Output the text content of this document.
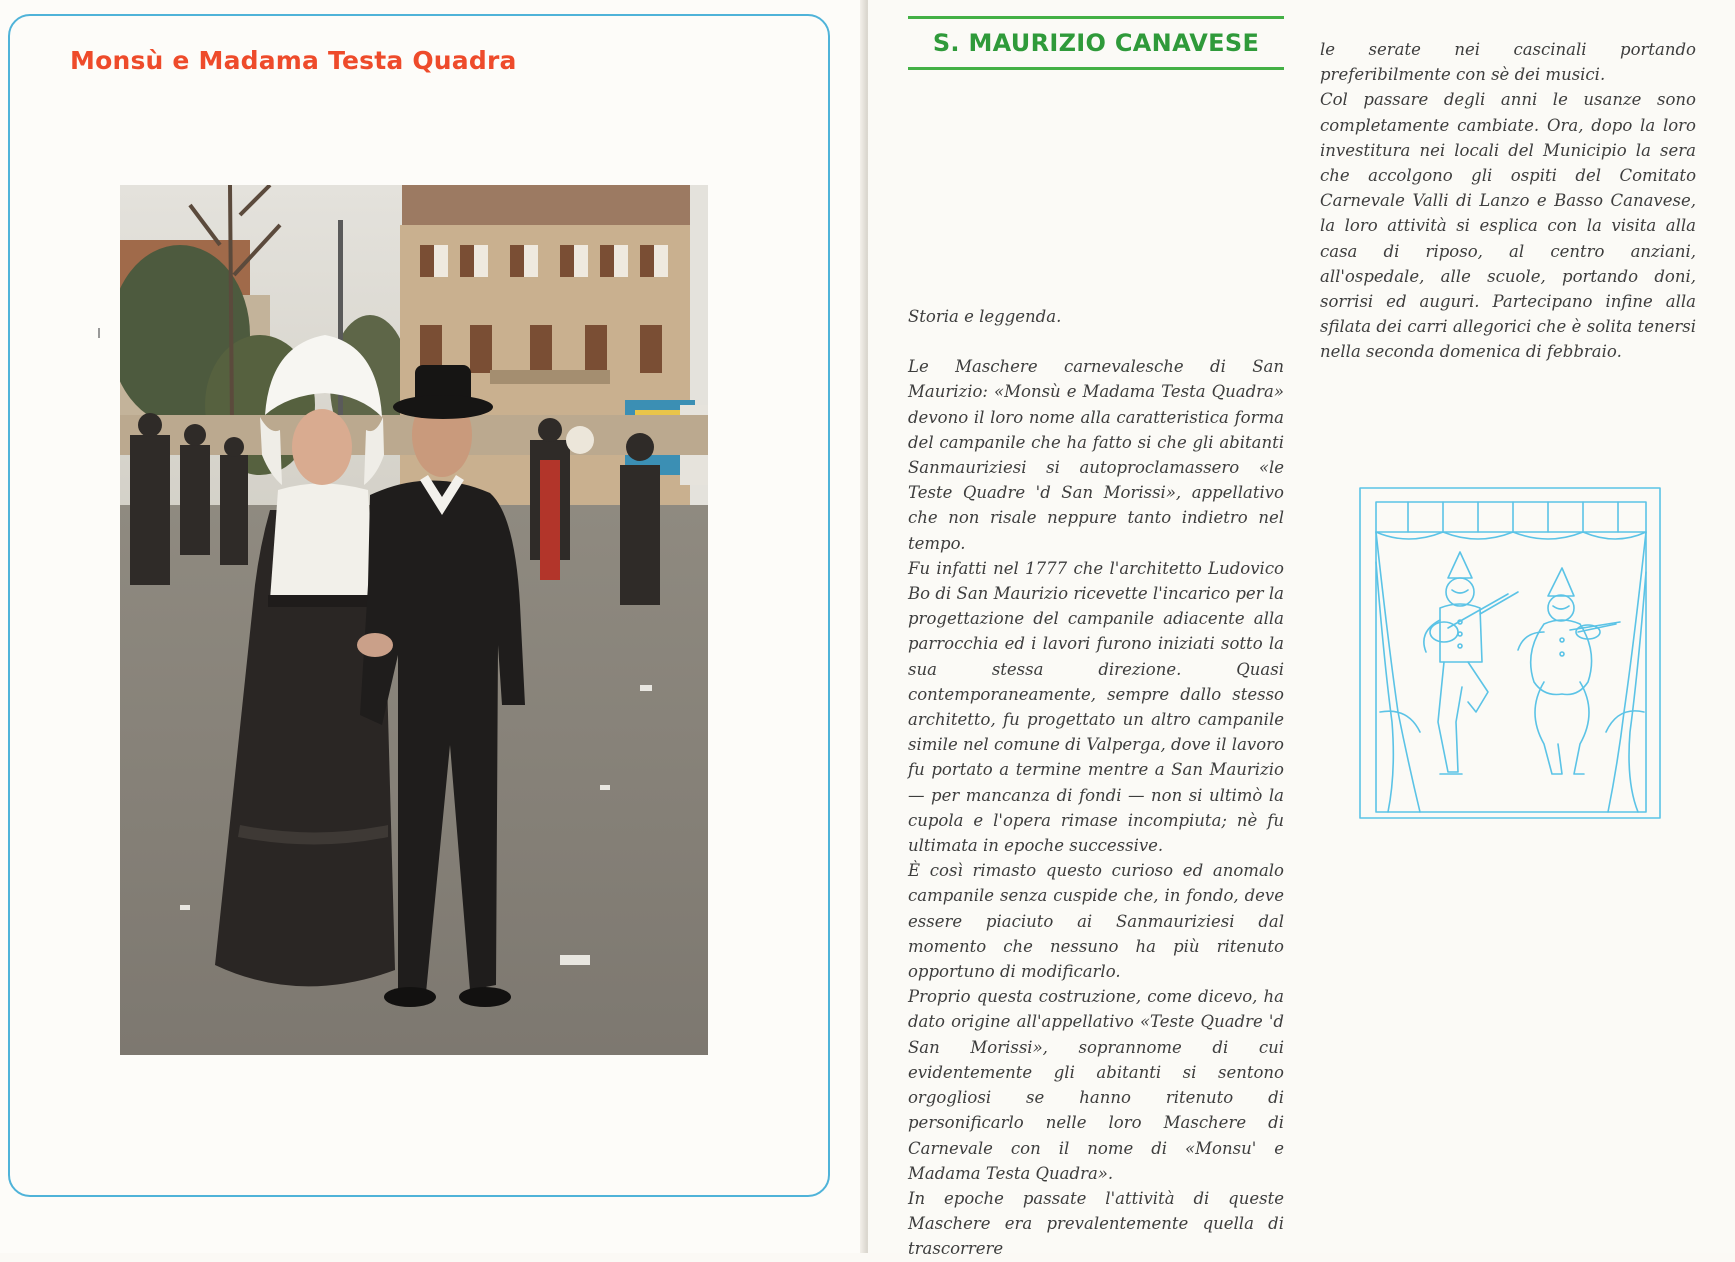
Monsù e Madama Testa Quadra
S. MAURIZIO CANAVESE

Storia e leggenda.

Le Maschere carnevalesche di San Maurizio: «Monsù e Madama Testa Quadra» devono il loro nome alla caratteristica forma del campanile che ha fatto si che gli abitanti Sanmauriziesi si autoproclamassero «le Teste Quadre 'd San Morissi», appellativo che non risale neppure tanto indietro nel tempo.

Fu infatti nel 1777 che l'architetto Ludovico Bo di San Maurizio ricevette l'incarico per la progettazione del campanile adiacente alla parrocchia ed i lavori furono iniziati sotto la sua stessa direzione. Quasi contemporaneamente, sempre dallo stesso architetto, fu progettato un altro campanile simile nel comune di Valperga, dove il lavoro fu portato a termine mentre a San Maurizio — per mancanza di fondi — non si ultimò la cupola e l'opera rimase incompiuta; nè fu ultimata in epoche successive.

È così rimasto questo curioso ed anomalo campanile senza cuspide che, in fondo, deve essere piaciuto ai Sanmauriziesi dal momento che nessuno ha più ritenuto opportuno di modificarlo.

Proprio questa costruzione, come dicevo, ha dato origine all'appellativo «Teste Quadre 'd San Morissi», soprannome di cui evidentemente gli abitanti si sentono orgogliosi se hanno ritenuto di personificarlo nelle loro Maschere di Carnevale con il nome di «Monsu' e Madama Testa Quadra».

In epoche passate l'attività di queste Maschere era prevalentemente quella di trascorrere

le serate nei cascinali portando preferibilmente con sè dei musici.

Col passare degli anni le usanze sono completamente cambiate. Ora, dopo la loro investitura nei locali del Municipio la sera che accolgono gli ospiti del Comitato Carnevale Valli di Lanzo e Basso Canavese, la loro attività si esplica con la visita alla casa di riposo, al centro anziani, all'ospedale, alle scuole, portando doni, sorrisi ed auguri. Partecipano infine alla sfilata dei carri allegorici che è solita tenersi nella seconda domenica di febbraio.
